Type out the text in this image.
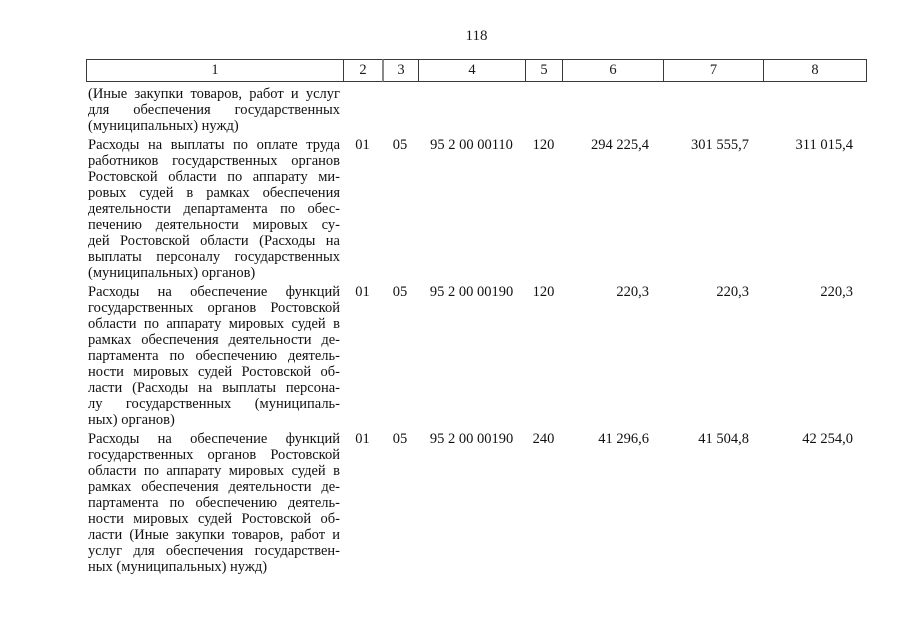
118
1	2	3	4	5	6	7	8
(Иные закупки товаров, работ и услуг
для обеспечения государственных
(муниципальных) нужд)
Расходы на выплаты по оплате труда
работников государственных органов
Ростовской области по аппарату ми-
ровых судей в рамках обеспечения
деятельности департамента по обес-
печению деятельности мировых су-
дей Ростовской области (Расходы на
выплаты персоналу государственных
(муниципальных) органов)
01	05	95 2 00 00110	120	294 225,4	301 555,7	311 015,4
Расходы на обеспечение функций
государственных органов Ростовской
области по аппарату мировых судей в
рамках обеспечения деятельности де-
партамента по обеспечению деятель-
ности мировых судей Ростовской об-
ласти (Расходы на выплаты персона-
лу государственных (муниципаль-
ных) органов)
01	05	95 2 00 00190	120	220,3	220,3	220,3
Расходы на обеспечение функций
государственных органов Ростовской
области по аппарату мировых судей в
рамках обеспечения деятельности де-
партамента по обеспечению деятель-
ности мировых судей Ростовской об-
ласти (Иные закупки товаров, работ и
услуг для обеспечения государствен-
ных (муниципальных) нужд)
01	05	95 2 00 00190	240	41 296,6	41 504,8	42 254,0
